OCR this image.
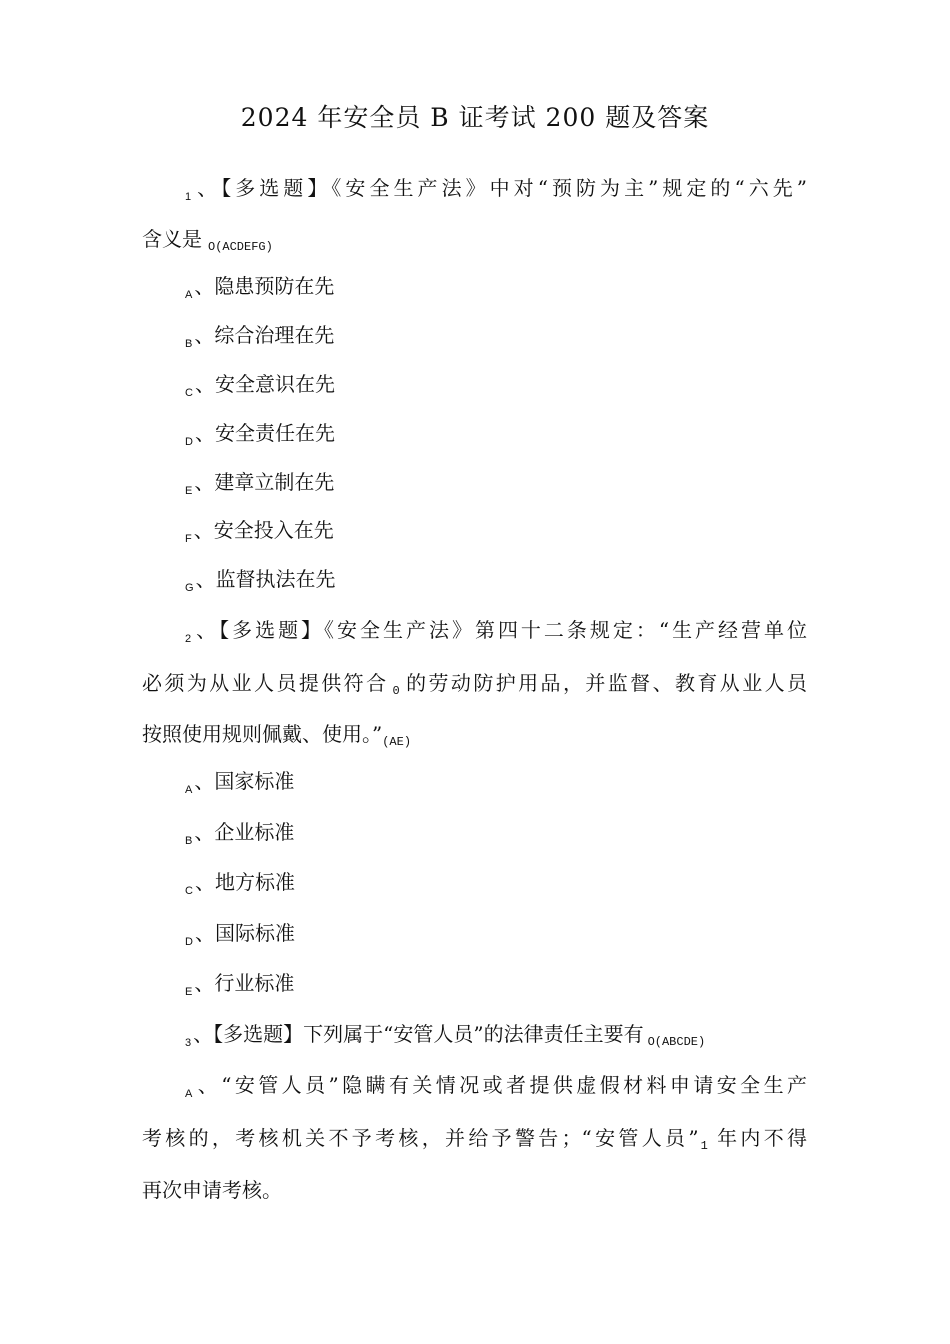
2024 年安全员 B 证考试 200 题及答案
$_1$ 、【多选题】《安全生产法》中对“预防为主”规定的“六先”
含义是 $_{O(ACDEFG)}$
$_A$ 、隐患预防在先
$_B$ 、综合治理在先
$_C$ 、安全意识在先
$_D$ 、安全责任在先
$_E$ 、建章立制在先
$_F$ 、安全投入在先
$_G$ 、监督执法在先
$_2$ 、【多选题】《安全生产法》第四十二条规定：“生产经营单位
必须为从业人员提供符合 $_0$ 的劳动防护用品，并监督、教育从业人员
按照使用规则佩戴、使用。$”_{(AE)}$
$_A$ 、国家标准
$_B$ 、企业标准
$_C$ 、地方标准
$_D$ 、国际标准
$_E$ 、行业标准
$_3$ 、【多选题】下列属于“安管人员”的法律责任主要有 $_{O(ABCDE)}$
$_A$ 、“安管人员”隐瞒有关情况或者提供虚假材料申请安全生产
考核的，考核机关不予考核，并给予警告；“安管人员” $_1$ 年内不得
再次申请考核。
